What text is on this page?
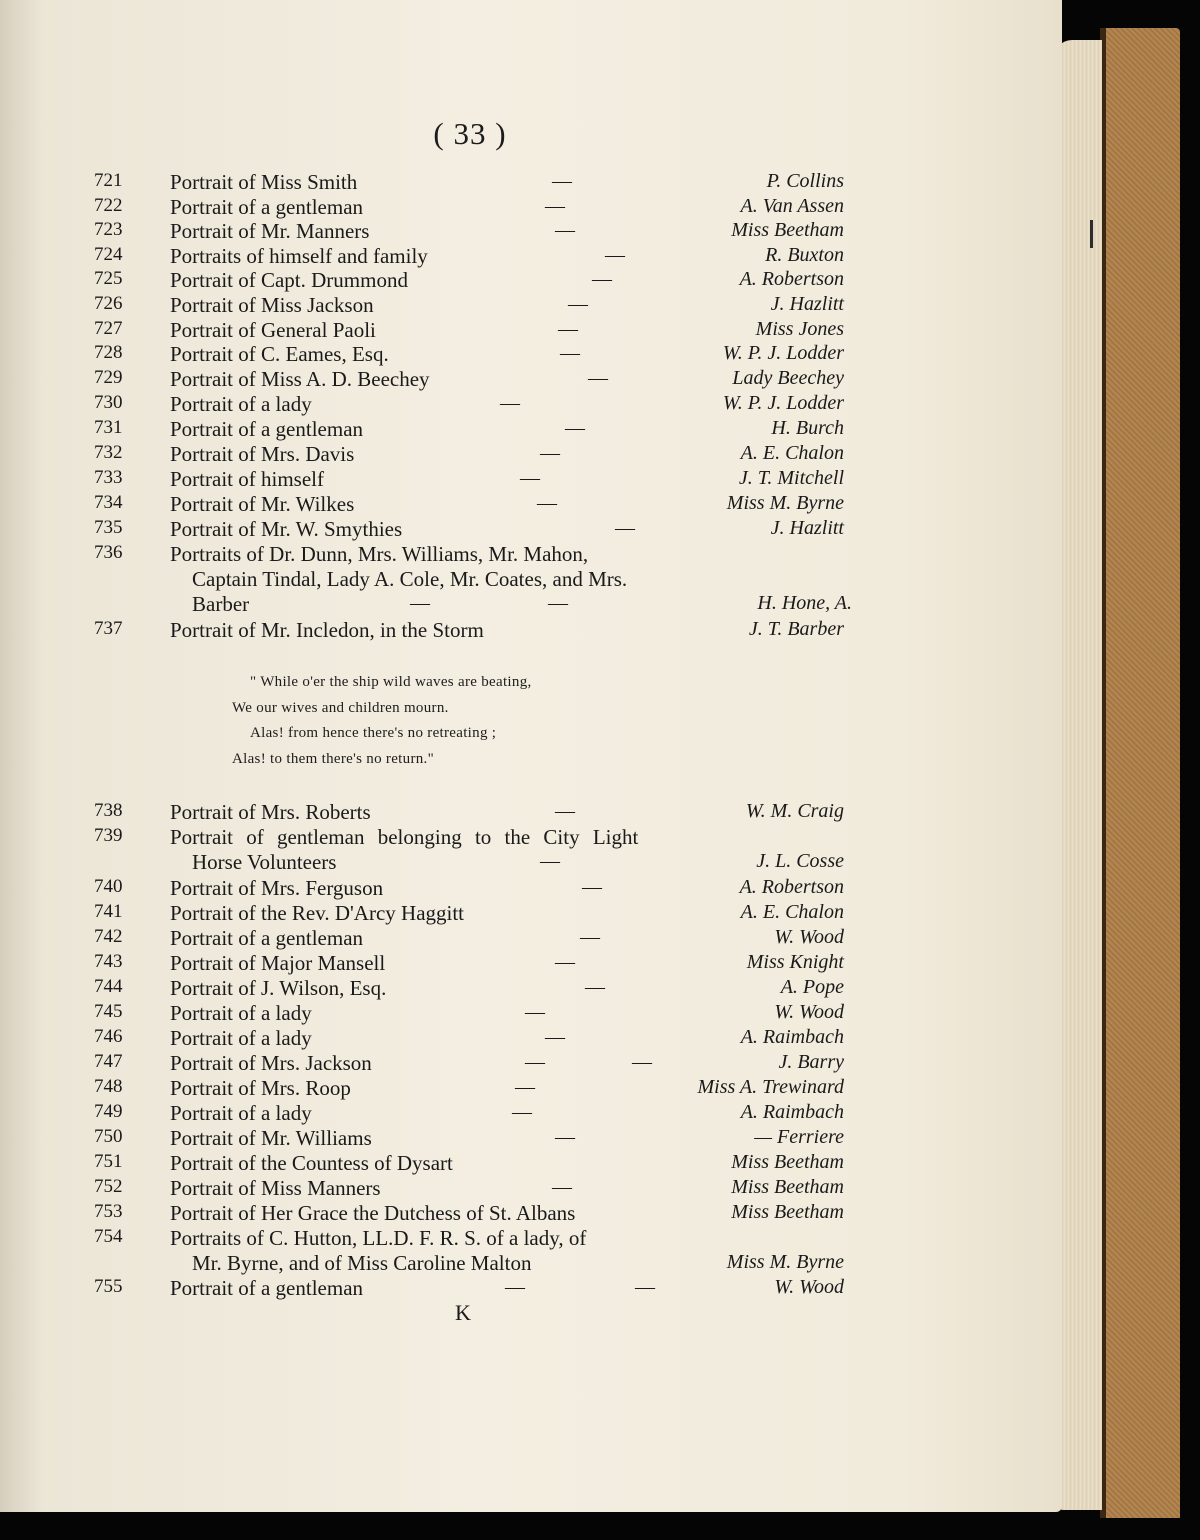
( 33 )
721 Portrait of Miss Smith	—	P. Collins
722 Portrait of a gentleman	—	A. Van Assen
723 Portrait of Mr. Manners	—	Miss Beetham
724 Portraits of himself and family	—	R. Buxton
725 Portrait of Capt. Drummond	—	A. Robertson
726 Portrait of Miss Jackson	—	J. Hazlitt
727 Portrait of General Paoli	—	Miss Jones
728 Portrait of C. Eames, Esq.	—	W. P. J. Lodder
729 Portrait of Miss A. D. Beechey	—	Lady Beechey
730 Portrait of a lady	—	W. P. J. Lodder
731 Portrait of a gentleman	—	H. Burch
732 Portrait of Mrs. Davis	—	A. E. Chalon
733 Portrait of himself	—	J. T. Mitchell
734 Portrait of Mr. Wilkes	—	Miss M. Byrne
735 Portrait of Mr. W. Smythies	—	J. Hazlitt
736 Portraits of Dr. Dunn, Mrs. Williams, Mr. Mahon,
Captain Tindal, Lady A. Cole, Mr. Coates, and Mrs.
Barber	—	—	H. Hone, A.
737 Portrait of Mr. Incledon, in the Storm	J. T. Barber
" While o'er the ship wild waves are beating,
We our wives and children mourn.
Alas! from hence there's no retreating ;
Alas! to them there's no return."
738 Portrait of Mrs. Roberts	—	W. M. Craig
739 Portrait of gentleman belonging to the City Light
Horse Volunteers	—	J. L. Cosse
740 Portrait of Mrs. Ferguson	—	A. Robertson
741 Portrait of the Rev. D'Arcy Haggitt	A. E. Chalon
742 Portrait of a gentleman	—	W. Wood
743 Portrait of Major Mansell	—	Miss Knight
744 Portrait of J. Wilson, Esq.	—	A. Pope
745 Portrait of a lady	—	W. Wood
746 Portrait of a lady	—	A. Raimbach
747 Portrait of Mrs. Jackson	—	—	J. Barry
748 Portrait of Mrs. Roop	—	Miss A. Trewinard
749 Portrait of a lady	—	A. Raimbach
750 Portrait of Mr. Williams	—	— Ferriere
751 Portrait of the Countess of Dysart	Miss Beetham
752 Portrait of Miss Manners	—	Miss Beetham
753 Portrait of Her Grace the Dutchess of St. Albans	Miss Beetham
754 Portraits of C. Hutton, LL.D. F. R. S. of a lady, of
Mr. Byrne, and of Miss Caroline Malton	Miss M. Byrne
755 Portrait of a gentleman	—	—	W. Wood
K
